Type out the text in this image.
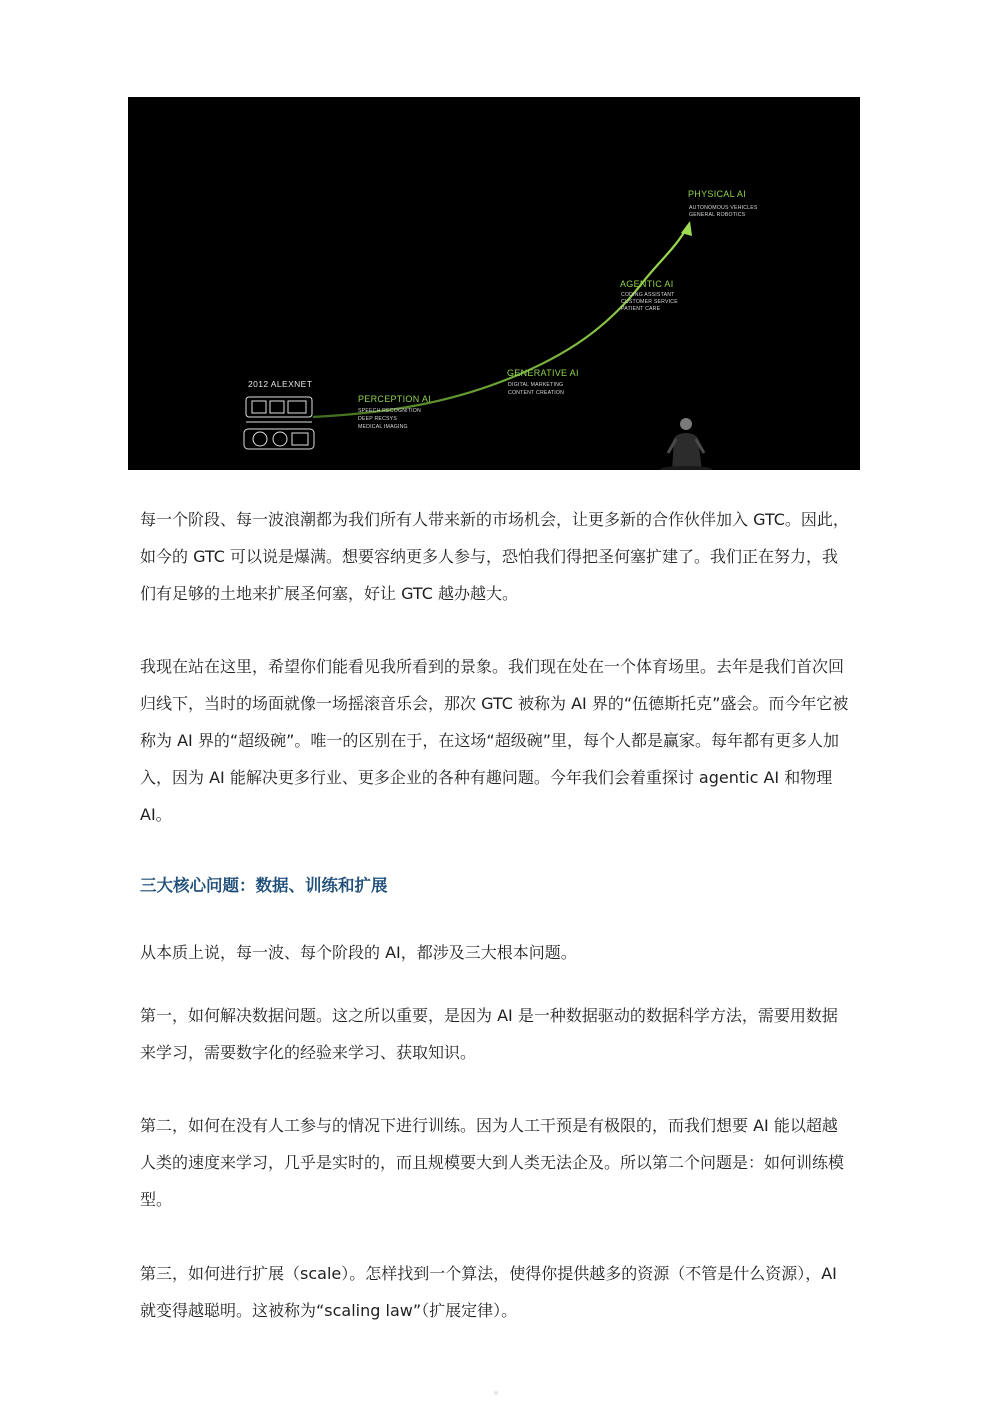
2012 ALEXNET
PERCEPTION AI
SPEECH RECOGNITION
DEEP RECSYS
MEDICAL IMAGING
GENERATIVE AI
DIGITAL MARKETING
CONTENT CREATION
AGENTIC AI
CODING ASSISTANT
CUSTOMER SERVICE
PATIENT CARE
PHYSICAL AI
AUTONOMOUS VEHICLES
GENERAL ROBOTICS

每一个阶段、每一波浪潮都为我们所有人带来新的市场机会，让更多新的合作伙伴加入 GTC。因此，如今的 GTC 可以说是爆满。想要容纳更多人参与，恐怕我们得把圣何塞扩建了。我们正在努力，我们有足够的土地来扩展圣何塞，好让 GTC 越办越大。

我现在站在这里，希望你们能看见我所看到的景象。我们现在处在一个体育场里。去年是我们首次回归线下，当时的场面就像一场摇滚音乐会，那次 GTC 被称为 AI 界的“伍德斯托克”盛会。而今年它被称为 AI 界的“超级碗”。唯一的区别在于，在这场“超级碗”里，每个人都是赢家。每年都有更多人加入，因为 AI 能解决更多行业、更多企业的各种有趣问题。今年我们会着重探讨 agentic AI 和物理 AI。

三大核心问题：数据、训练和扩展

从本质上说，每一波、每个阶段的 AI，都涉及三大根本问题。

第一，如何解决数据问题。这之所以重要，是因为 AI 是一种数据驱动的数据科学方法，需要用数据来学习，需要数字化的经验来学习、获取知识。

第二，如何在没有人工参与的情况下进行训练。因为人工干预是有极限的，而我们想要 AI 能以超越人类的速度来学习，几乎是实时的，而且规模要大到人类无法企及。所以第二个问题是：如何训练模型。

第三，如何进行扩展（scale）。怎样找到一个算法，使得你提供越多的资源（不管是什么资源），AI 就变得越聪明。这被称为“scaling law”（扩展定律）。
